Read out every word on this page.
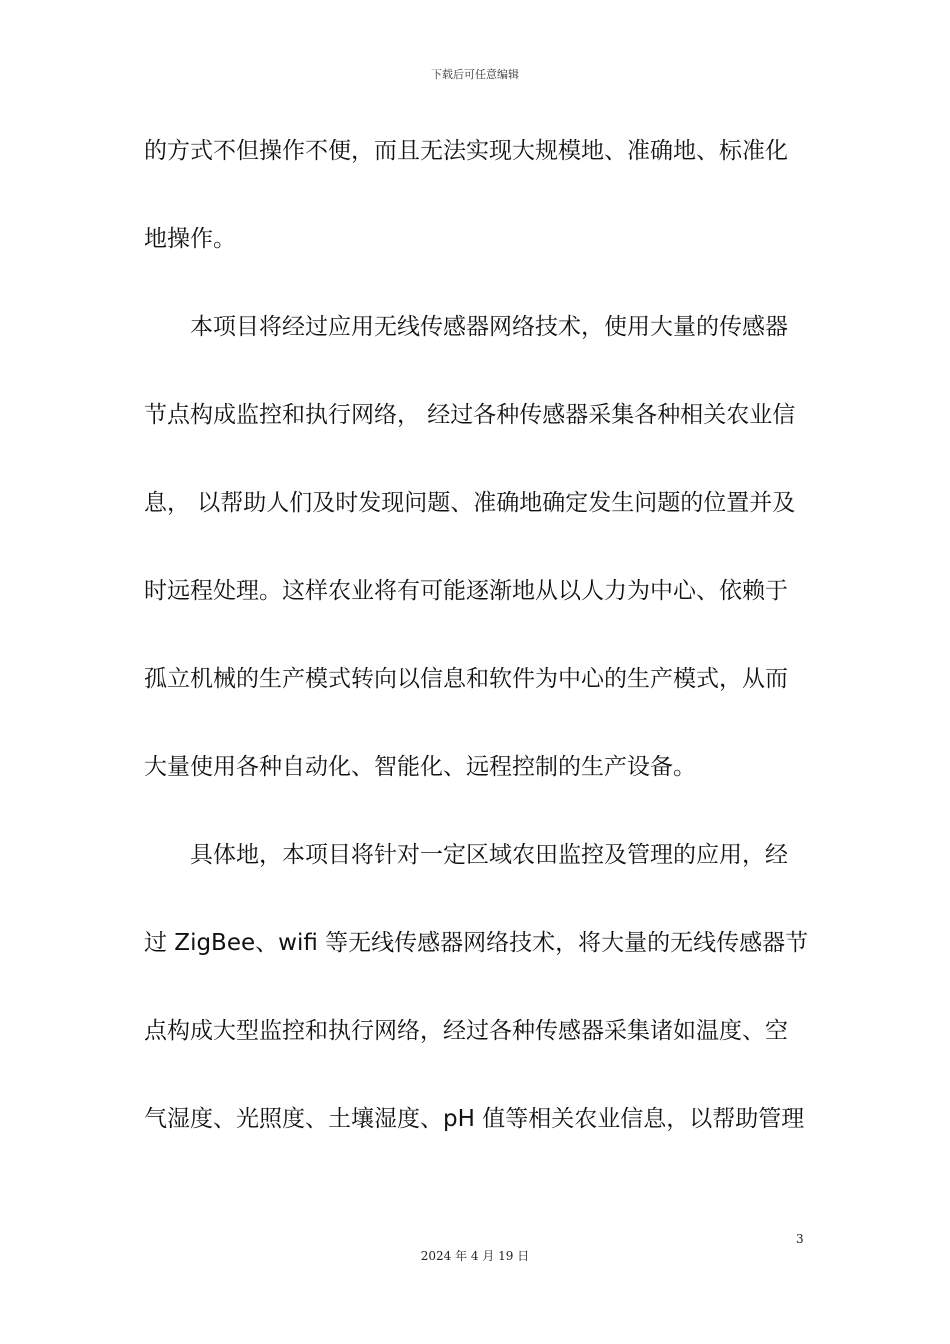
下载后可任意编辑
的方式不但操作不便，而且无法实现大规模地、准确地、标准化
地操作。
　　本项目将经过应用无线传感器网络技术，使用大量的传感器
节点构成监控和执行网络， 经过各种传感器采集各种相关农业信
息， 以帮助人们及时发现问题、准确地确定发生问题的位置并及
时远程处理。这样农业将有可能逐渐地从以人力为中心、依赖于
孤立机械的生产模式转向以信息和软件为中心的生产模式，从而
大量使用各种自动化、智能化、远程控制的生产设备。
　　具体地，本项目将针对一定区域农田监控及管理的应用，经
过 ZigBee、wifi 等无线传感器网络技术，将大量的无线传感器节
点构成大型监控和执行网络，经过各种传感器采集诸如温度、空
气湿度、光照度、土壤湿度、pH 值等相关农业信息，以帮助管理
3
2024 年 4 月 19 日
